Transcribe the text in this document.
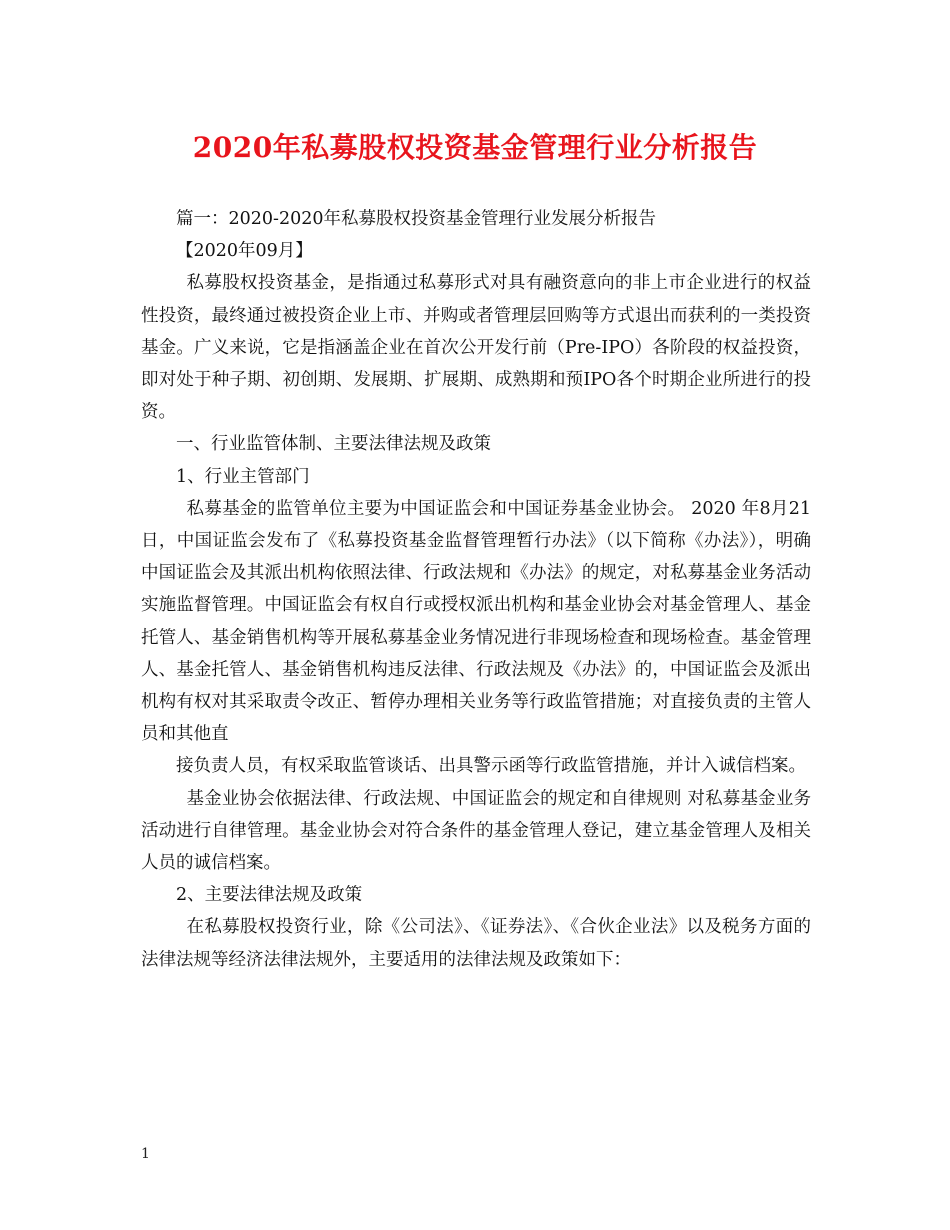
2020年私募股权投资基金管理行业分析报告

篇一：2020-2020年私募股权投资基金管理行业发展分析报告

【2020年09月】

私募股权投资基金，是指通过私募形式对具有融资意向的非上市企业进行的权益性投资，最终通过被投资企业上市、并购或者管理层回购等方式退出而获利的一类投资基金。广义来说，它是指涵盖企业在首次公开发行前（Pre-IPO）各阶段的权益投资，即对处于种子期、初创期、发展期、扩展期、成熟期和预IPO各个时期企业所进行的投资。

一、行业监管体制、主要法律法规及政策

1、行业主管部门

私募基金的监管单位主要为中国证监会和中国证券基金业协会。 2020 年8月21日，中国证监会发布了《私募投资基金监督管理暂行办法》（以下简称《办法》），明确中国证监会及其派出机构依照法律、行政法规和《办法》的规定，对私募基金业务活动实施监督管理。中国证监会有权自行或授权派出机构和基金业协会对基金管理人、基金托管人、基金销售机构等开展私募基金业务情况进行非现场检查和现场检查。基金管理人、基金托管人、基金销售机构违反法律、行政法规及《办法》的，中国证监会及派出机构有权对其采取责令改正、暂停办理相关业务等行政监管措施；对直接负责的主管人员和其他直

接负责人员，有权采取监管谈话、出具警示函等行政监管措施，并计入诚信档案。

基金业协会依据法律、行政法规、中国证监会的规定和自律规则 对私募基金业务活动进行自律管理。基金业协会对符合条件的基金管理人登记，建立基金管理人及相关人员的诚信档案。

2、主要法律法规及政策

在私募股权投资行业，除《公司法》、《证券法》、《合伙企业法》以及税务方面的法律法规等经济法律法规外，主要适用的法律法规及政策如下：

1
